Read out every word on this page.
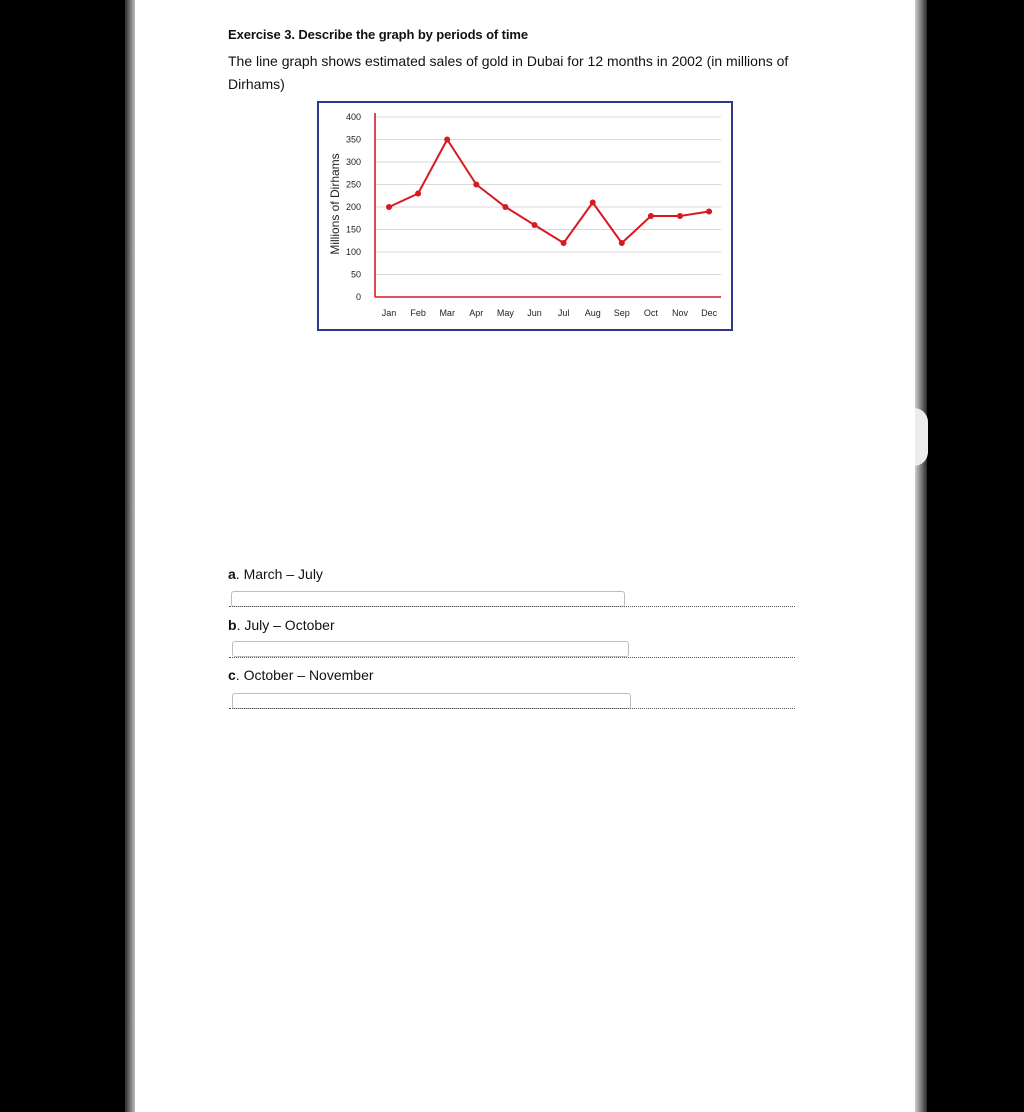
Exercise 3. Describe the graph by periods of time

The line graph shows estimated sales of gold in Dubai for 12 months in 2002 (in millions of Dirhams)

0
50
100
150
200
250
300
350
400
Jan Feb Mar Apr May Jun Jul Aug Sep Oct Nov Dec
Millions of Dirhams

a. March – July

b. July – October

c. October – November
